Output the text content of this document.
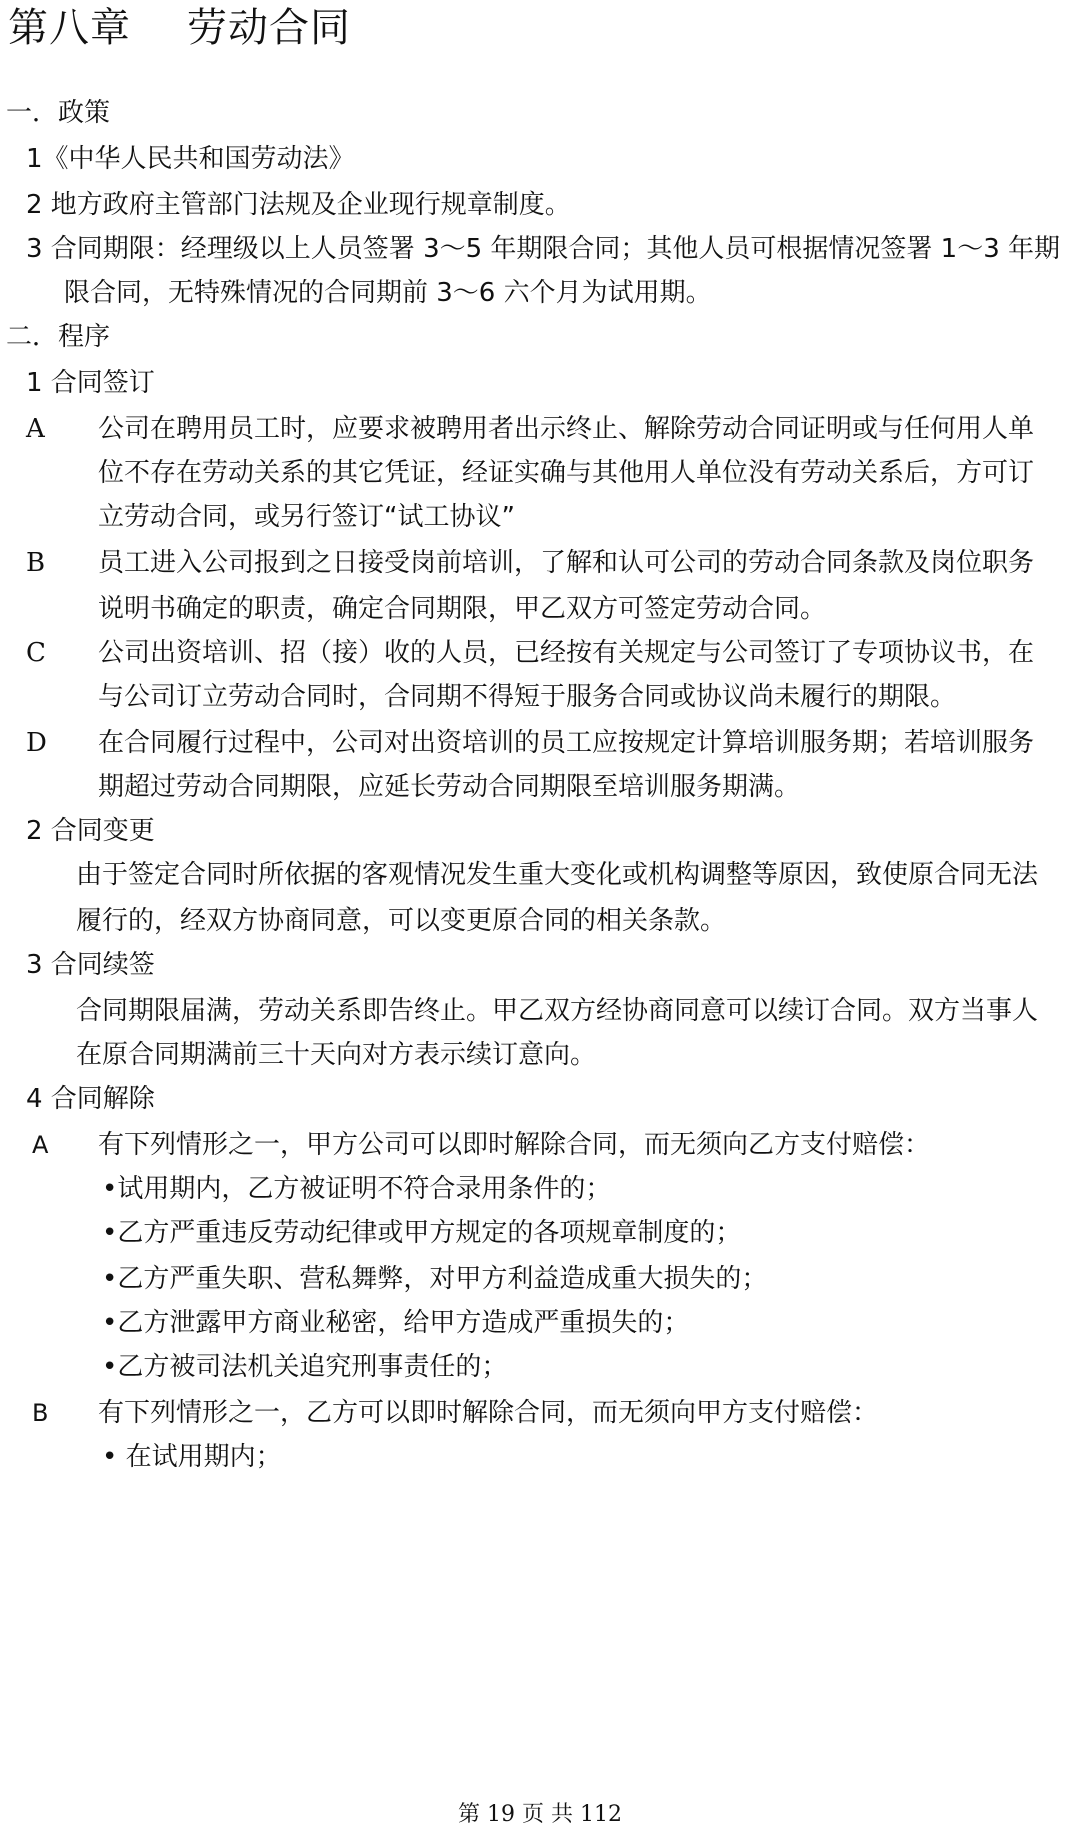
第八章 劳动合同
一．政策
1《中华人民共和国劳动法》
2 地方政府主管部门法规及企业现行规章制度。
3 合同期限：经理级以上人员签署 3～5 年期限合同；其他人员可根据情况签署 1～3 年期
限合同，无特殊情况的合同期前 3～6 六个月为试用期。
二．程序
1 合同签订
A 公司在聘用员工时，应要求被聘用者出示终止、解除劳动合同证明或与任何用人单
位不存在劳动关系的其它凭证，经证实确与其他用人单位没有劳动关系后，方可订
立劳动合同，或另行签订“试工协议”
B 员工进入公司报到之日接受岗前培训，了解和认可公司的劳动合同条款及岗位职务
说明书确定的职责，确定合同期限，甲乙双方可签定劳动合同。
C 公司出资培训、招（接）收的人员，已经按有关规定与公司签订了专项协议书，在
与公司订立劳动合同时，合同期不得短于服务合同或协议尚未履行的期限。
D 在合同履行过程中，公司对出资培训的员工应按规定计算培训服务期；若培训服务
期超过劳动合同期限，应延长劳动合同期限至培训服务期满。
2 合同变更
由于签定合同时所依据的客观情况发生重大变化或机构调整等原因，致使原合同无法
履行的，经双方协商同意，可以变更原合同的相关条款。
3 合同续签
合同期限届满，劳动关系即告终止。甲乙双方经协商同意可以续订合同。双方当事人
在原合同期满前三十天向对方表示续订意向。
4 合同解除
A 有下列情形之一，甲方公司可以即时解除合同，而无须向乙方支付赔偿：
•试用期内，乙方被证明不符合录用条件的；
•乙方严重违反劳动纪律或甲方规定的各项规章制度的；
•乙方严重失职、营私舞弊，对甲方利益造成重大损失的；
•乙方泄露甲方商业秘密，给甲方造成严重损失的；
•乙方被司法机关追究刑事责任的；
B 有下列情形之一，乙方可以即时解除合同，而无须向甲方支付赔偿：
• 在试用期内；
第 19 页 共 112
